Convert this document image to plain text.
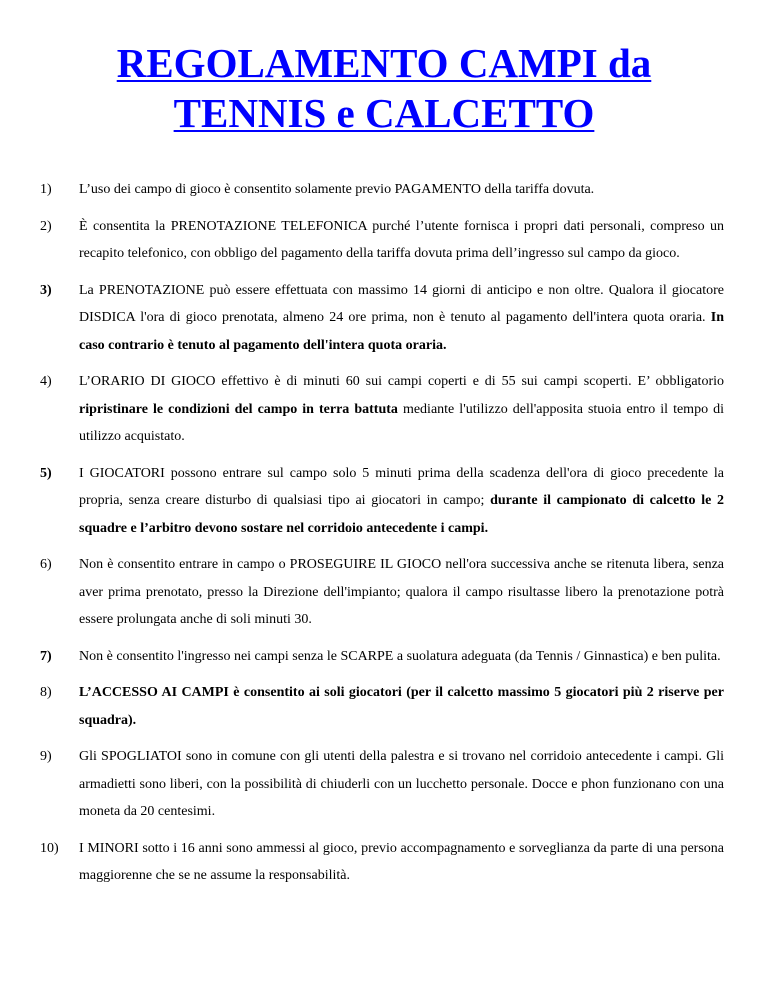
REGOLAMENTO CAMPI da
TENNIS e CALCETTO
1) L’uso dei campo di gioco è consentito solamente previo PAGAMENTO della tariffa dovuta.
2) È consentita la PRENOTAZIONE TELEFONICA purché l’utente fornisca i propri dati personali, compreso un recapito telefonico, con obbligo del pagamento della tariffa dovuta prima dell’ingresso sul campo da gioco.
3) La PRENOTAZIONE può essere effettuata con massimo 14 giorni di anticipo e non oltre. Qualora il giocatore DISDICA l'ora di gioco prenotata, almeno 24 ore prima, non è tenuto al pagamento dell'intera quota oraria. In caso contrario è tenuto al pagamento dell'intera quota oraria.
4) L’ORARIO DI GIOCO effettivo è di minuti 60 sui campi coperti e di 55 sui campi scoperti. E’ obbligatorio ripristinare le condizioni del campo in terra battuta mediante l'utilizzo dell'apposita stuoia entro il tempo di utilizzo acquistato.
5) I GIOCATORI possono entrare sul campo solo 5 minuti prima della scadenza dell'ora di gioco precedente la propria, senza creare disturbo di qualsiasi tipo ai giocatori in campo; durante il campionato di calcetto le 2 squadre e l’arbitro devono sostare nel corridoio antecedente i campi.
6) Non è consentito entrare in campo o PROSEGUIRE IL GIOCO nell'ora successiva anche se ritenuta libera, senza aver prima prenotato, presso la Direzione dell'impianto; qualora il campo risultasse libero la prenotazione potrà essere prolungata anche di soli minuti 30.
7) Non è consentito l'ingresso nei campi senza le SCARPE a suolatura adeguata (da Tennis / Ginnastica) e ben pulita.
8) L’ACCESSO AI CAMPI è consentito ai soli giocatori (per il calcetto massimo 5 giocatori più 2 riserve per squadra).
9) Gli SPOGLIATOI sono in comune con gli utenti della palestra e si trovano nel corridoio antecedente i campi. Gli armadietti sono liberi, con la possibilità di chiuderli con un lucchetto personale. Docce e phon funzionano con una moneta da 20 centesimi.
10) I MINORI sotto i 16 anni sono ammessi al gioco, previo accompagnamento e sorveglianza da parte di una persona maggiorenne che se ne assume la responsabilità.
